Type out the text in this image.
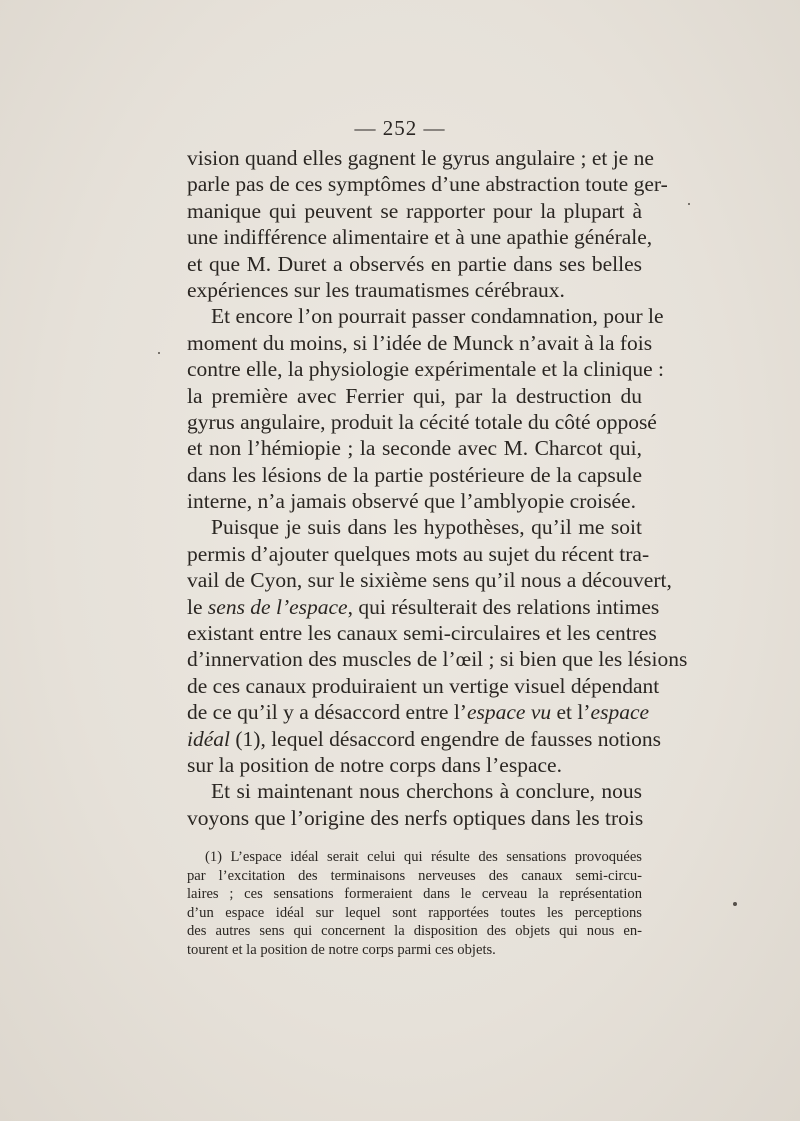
— 252 —
vision quand elles gagnent le gyrus angulaire ; et je ne
parle pas de ces symptômes d’une abstraction toute ger-
manique qui peuvent se rapporter pour la plupart à
une indifférence alimentaire et à une apathie générale,
et que M. Duret a observés en partie dans ses belles
expériences sur les traumatismes cérébraux.
Et encore l’on pourrait passer condamnation, pour le
moment du moins, si l’idée de Munck n’avait à la fois
contre elle, la physiologie expérimentale et la clinique :
la première avec Ferrier qui, par la destruction du
gyrus angulaire, produit la cécité totale du côté opposé
et non l’hémiopie ; la seconde avec M. Charcot qui,
dans les lésions de la partie postérieure de la capsule
interne, n’a jamais observé que l’amblyopie croisée.
Puisque je suis dans les hypothèses, qu’il me soit
permis d’ajouter quelques mots au sujet du récent tra-
vail de Cyon, sur le sixième sens qu’il nous a découvert,
le sens de l’espace, qui résulterait des relations intimes
existant entre les canaux semi-circulaires et les centres
d’innervation des muscles de l’œil ; si bien que les lésions
de ces canaux produiraient un vertige visuel dépendant
de ce qu’il y a désaccord entre l’espace vu et l’espace
idéal (1), lequel désaccord engendre de fausses notions
sur la position de notre corps dans l’espace.
Et si maintenant nous cherchons à conclure, nous
voyons que l’origine des nerfs optiques dans les trois
(1) L’espace idéal serait celui qui résulte des sensations provoquées
par l’excitation des terminaisons nerveuses des canaux semi-circu-
laires ; ces sensations formeraient dans le cerveau la représentation
d’un espace idéal sur lequel sont rapportées toutes les perceptions
des autres sens qui concernent la disposition des objets qui nous en-
tourent et la position de notre corps parmi ces objets.
